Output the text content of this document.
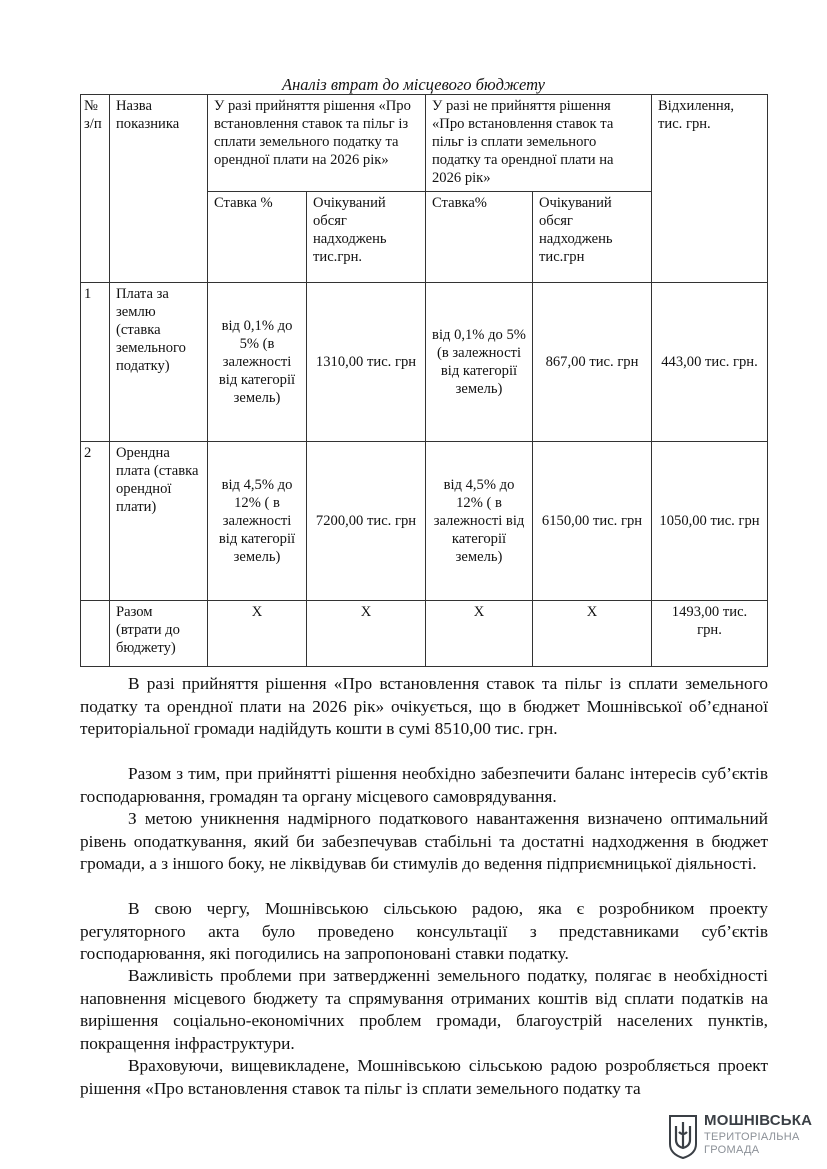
Аналіз втрат до місцевого бюджету
№ з/п	Назва показника	У разі прийняття рішення «Про встановлення ставок та пільг із сплати земельного податку та орендної плати на 2026 рік»		У разі не прийняття рішення «Про встановлення ставок та пільг із сплати земельного податку та орендної плати на 2026 рік»		Відхилення, тис. грн.
		Ставка %	Очікуваний обсяг надходжень тис.грн.	Ставка%	Очікуваний обсяг надходжень тис.грн	
1	Плата за землю (ставка земельного податку)	від 0,1% до 5% (в залежності від категорії земель)	1310,00 тис. грн	від 0,1% до 5% (в залежності від категорії земель)	867,00 тис. грн	443,00 тис. грн.
2	Орендна плата (ставка орендної плати)	від 4,5% до 12% ( в залежності від категорії земель)	7200,00 тис. грн	від 4,5% до 12% ( в залежності від категорії земель)	6150,00 тис. грн	1050,00 тис. грн
	Разом (втрати до бюджету)	Х	Х	Х	Х	1493,00 тис. грн.

В разі прийняття рішення «Про встановлення ставок та пільг із сплати земельного податку та орендної плати на 2026 рік» очікується, що в бюджет Мошнівської об’єднаної територіальної громади надійдуть кошти в сумі 8510,00 тис. грн.

Разом з тим, при прийнятті рішення необхідно забезпечити баланс інтересів суб’єктів господарювання, громадян та органу місцевого самоврядування.

З метою уникнення надмірного податкового навантаження визначено оптимальний рівень оподаткування, який би забезпечував стабільні та достатні надходження в бюджет громади, а з іншого боку, не ліквідував би стимулів до ведення підприємницької діяльності.

В свою чергу, Мошнівською сільською радою, яка є розробником проекту регуляторного акта було проведено консультації з представниками суб’єктів господарювання, які погодились на запропоновані ставки податку.

Важливість проблеми при затвердженні земельного податку, полягає в необхідності наповнення місцевого бюджету та спрямування отриманих коштів від сплати податків на вирішення соціально-економічних проблем громади, благоустрій населених пунктів, покращення інфраструктури.

Враховуючи, вищевикладене, Мошнівською сільською радою розробляється проект рішення «Про встановлення ставок та пільг із сплати земельного податку та

МОШНІВСЬКА
ТЕРИТОРІАЛЬНА
ГРОМАДА
